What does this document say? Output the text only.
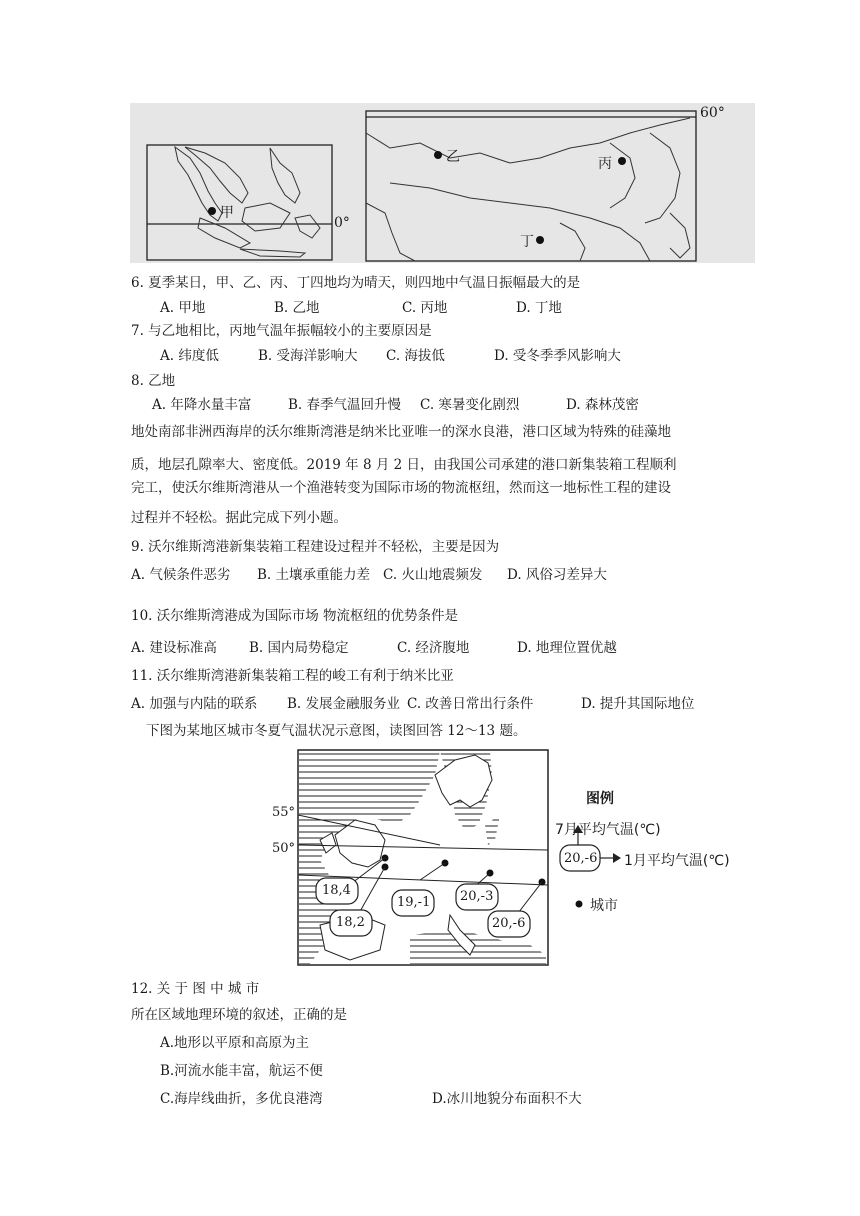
甲
0°
乙	丙
丁
60°
6. 夏季某日，甲、乙、丙、丁四地均为晴天，则四地中气温日振幅最大的是
A. 甲地	B. 乙地	C. 丙地	D. 丁地
7. 与乙地相比，丙地气温年振幅较小的主要原因是
A. 纬度低	B. 受海洋影响大 C. 海拔低	D. 受冬季季风影响大
8. 乙地
A. 年降水量丰富	B. 春季气温回升慢 C. 寒暑变化剧烈	D. 森林茂密
地处南部非洲西海岸的沃尔维斯湾港是纳米比亚唯一的深水良港，港口区域为特殊的硅藻地
质，地层孔隙率大、密度低。2019 年 8 月 2 日，由我国公司承建的港口新集装箱工程顺利
完工，使沃尔维斯湾港从一个渔港转变为国际市场的物流枢纽，然而这一地标性工程的建设
过程并不轻松。据此完成下列小题。
9. 沃尔维斯湾港新集装箱工程建设过程并不轻松，主要是因为
A. 气候条件恶劣 B. 土壤承重能力差 C. 火山地震频发 D. 风俗习差异大
10. 沃尔维斯湾港成为国际市场 物流枢纽的优势条件是
A. 建设标准高 B. 国内局势稳定	C. 经济腹地	D. 地理位置优越
11. 沃尔维斯湾港新集装箱工程的峻工有利于纳米比亚
A. 加强与内陆的联系 B. 发展金融服务业 C. 改善日常出行条件	D. 提升其国际地位
下图为某地区城市冬夏气温状况示意图，读图回答 12～13 题。
55°
50°
18,4
18,2
19,-1 20,-3
20,-6
图例
7月平均气温(℃)
20,-6 1月平均气温(℃)
城市
12. 关 于 图 中 城 市
所在区域地理环境的叙述，正确的是
A.地形以平原和高原为主
B.河流水能丰富，航运不便
C.海岸线曲折，多优良港湾	D.冰川地貌分布面积不大
